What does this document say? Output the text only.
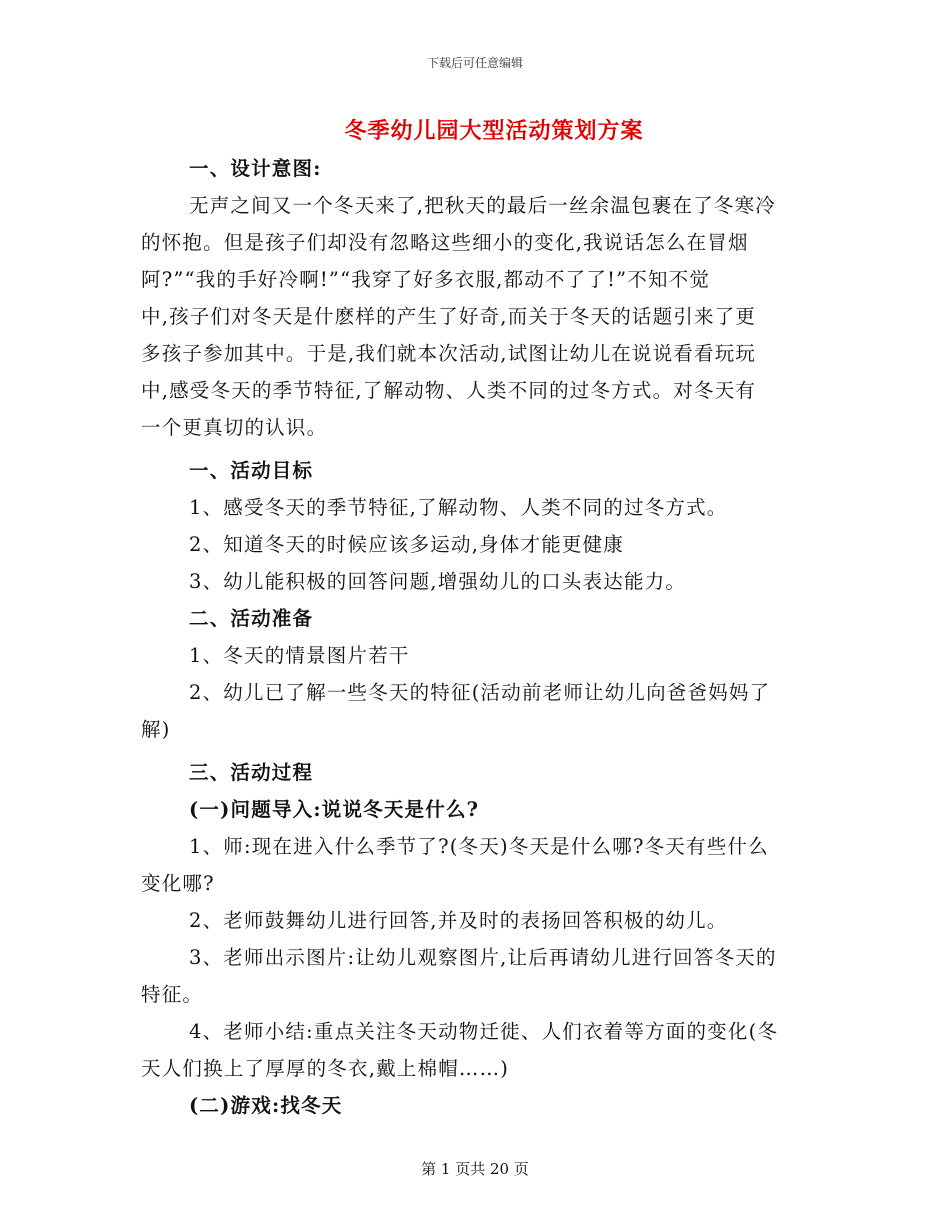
下载后可任意编辑
冬季幼儿园大型活动策划方案
一、设计意图:
无声之间又一个冬天来了,把秋天的最后一丝余温包裹在了冬寒冷
的怀抱。但是孩子们却没有忽略这些细小的变化,我说话怎么在冒烟
阿?”“我的手好冷啊!”“我穿了好多衣服,都动不了了!”不知不觉
中,孩子们对冬天是什麽样的产生了好奇,而关于冬天的话题引来了更
多孩子参加其中。于是,我们就本次活动,试图让幼儿在说说看看玩玩
中,感受冬天的季节特征,了解动物、人类不同的过冬方式。对冬天有
一个更真切的认识。
一、活动目标
1、感受冬天的季节特征,了解动物、人类不同的过冬方式。
2、知道冬天的时候应该多运动,身体才能更健康
3、幼儿能积极的回答问题,增强幼儿的口头表达能力。
二、活动准备
1、冬天的情景图片若干
2、幼儿已了解一些冬天的特征(活动前老师让幼儿向爸爸妈妈了
解)
三、活动过程
(一)问题导入:说说冬天是什么?
1、师:现在进入什么季节了?(冬天)冬天是什么哪?冬天有些什么
变化哪?
2、老师鼓舞幼儿进行回答,并及时的表扬回答积极的幼儿。
3、老师出示图片:让幼儿观察图片,让后再请幼儿进行回答冬天的
特征。
4、老师小结:重点关注冬天动物迁徙、人们衣着等方面的变化(冬
天人们换上了厚厚的冬衣,戴上棉帽……)
(二)游戏:找冬天
第 1 页共 20 页
